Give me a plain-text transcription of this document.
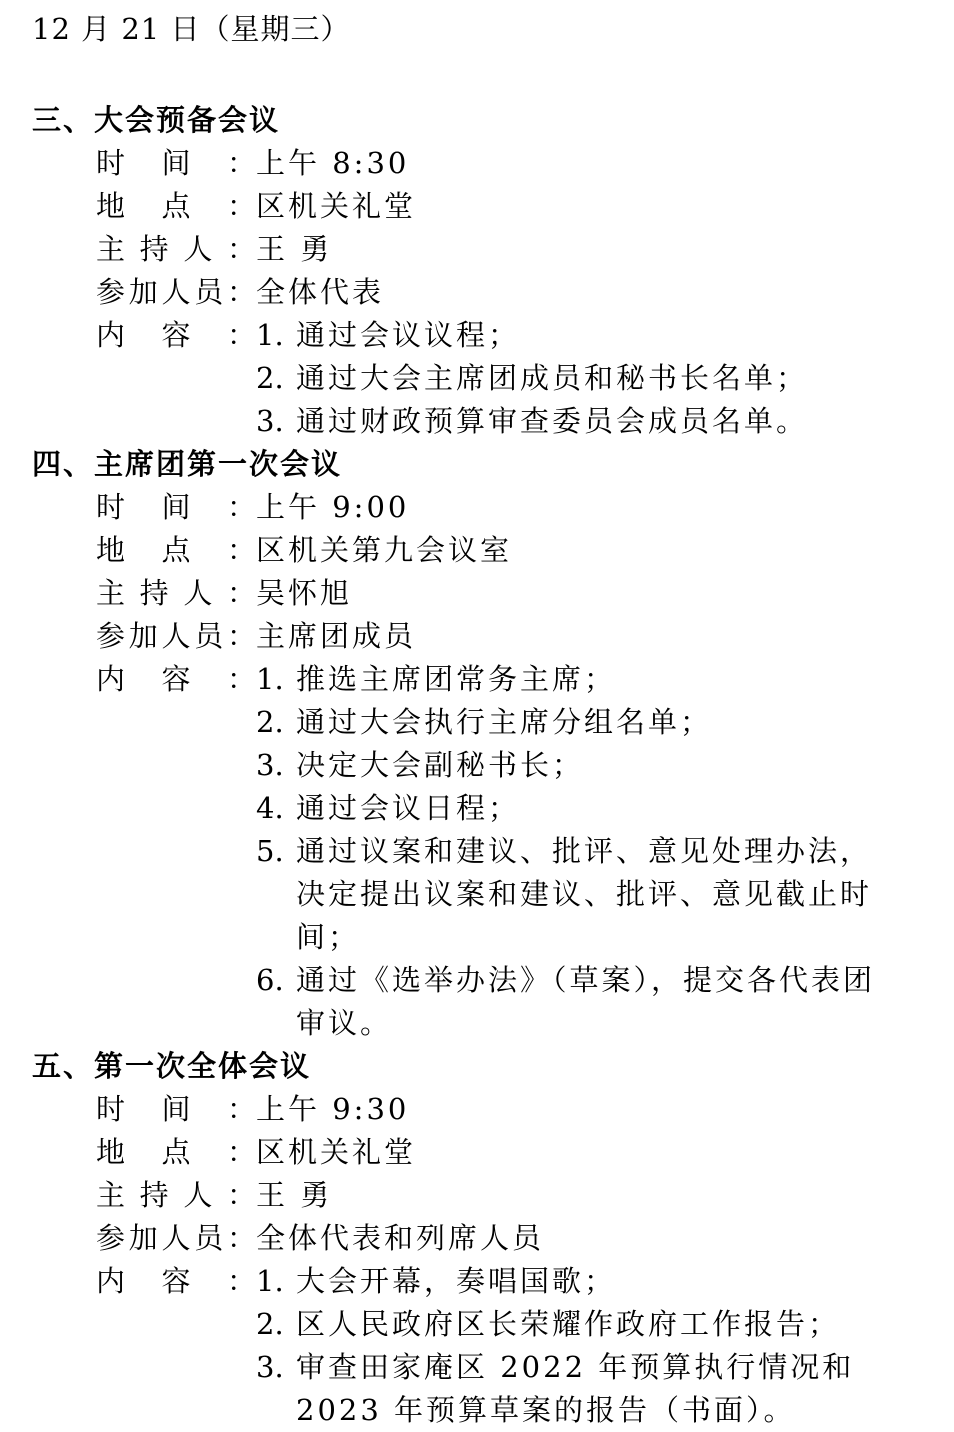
12 月 21 日（星期三）
三、大会预备会议
时 间 ： 上午 8:30
地 点 ： 区机关礼堂
主 持 人 ： 王 勇
参 加 人 员 ： 全体代表
内 容 ： 1. 通过会议议程；
2. 通过大会主席团成员和秘书长名单；
3. 通过财政预算审查委员会成员名单。
四、主席团第一次会议
时 间 ： 上午 9:00
地 点 ： 区机关第九会议室
主 持 人 ： 吴怀旭
参 加 人 员 ： 主席团成员
内 容 ： 1. 推选主席团常务主席；
2. 通过大会执行主席分组名单；
3. 决定大会副秘书长；
4. 通过会议日程；
5. 通过议案和建议、批评、意见处理办法，决定提出议案和建议、批评、意见截止时间；
6. 通过《选举办法》（草案），提交各代表团审议。
五、第一次全体会议
时 间 ： 上午 9:30
地 点 ： 区机关礼堂
主 持 人 ： 王 勇
参 加 人 员 ： 全体代表和列席人员
内 容 ： 1. 大会开幕，奏唱国歌；
2. 区人民政府区长荣耀作政府工作报告；
3. 审查田家庵区 2022 年预算执行情况和 2023 年预算草案的报告（书面）。
